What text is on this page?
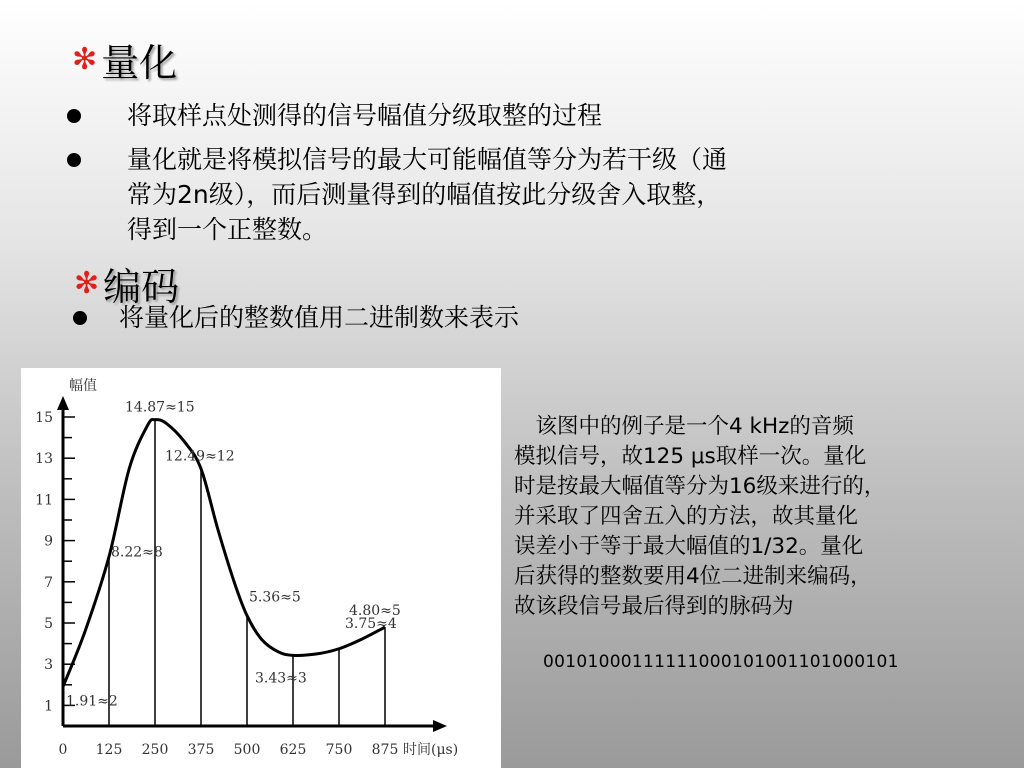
✻ 量化
将取样点处测得的信号幅值分级取整的过程
量化就是将模拟信号的最大可能幅值等分为若干级（通
常为2n级），而后测量得到的幅值按此分级舍入取整，
得到一个正整数。
✻ 编码
将量化后的整数值用二进制数来表示
1
3
5
7
9
11
13
15
0 125 250 375 500 625 750 875
幅值
时间(μs)
1.91≈2
8.22≈8
14.87≈15
12.49≈12
5.36≈5
3.43≈3
3.75≈4
4.80≈5
　该图中的例子是一个4 kHz的音频
模拟信号，故125 μs取样一次。量化
时是按最大幅值等分为16级来进行的，
并采取了四舍五入的方法，故其量化
误差小于等于最大幅值的1/32。量化
后获得的整数要用4位二进制来编码，
故该段信号最后得到的脉码为
00101000111111000101001101000101
